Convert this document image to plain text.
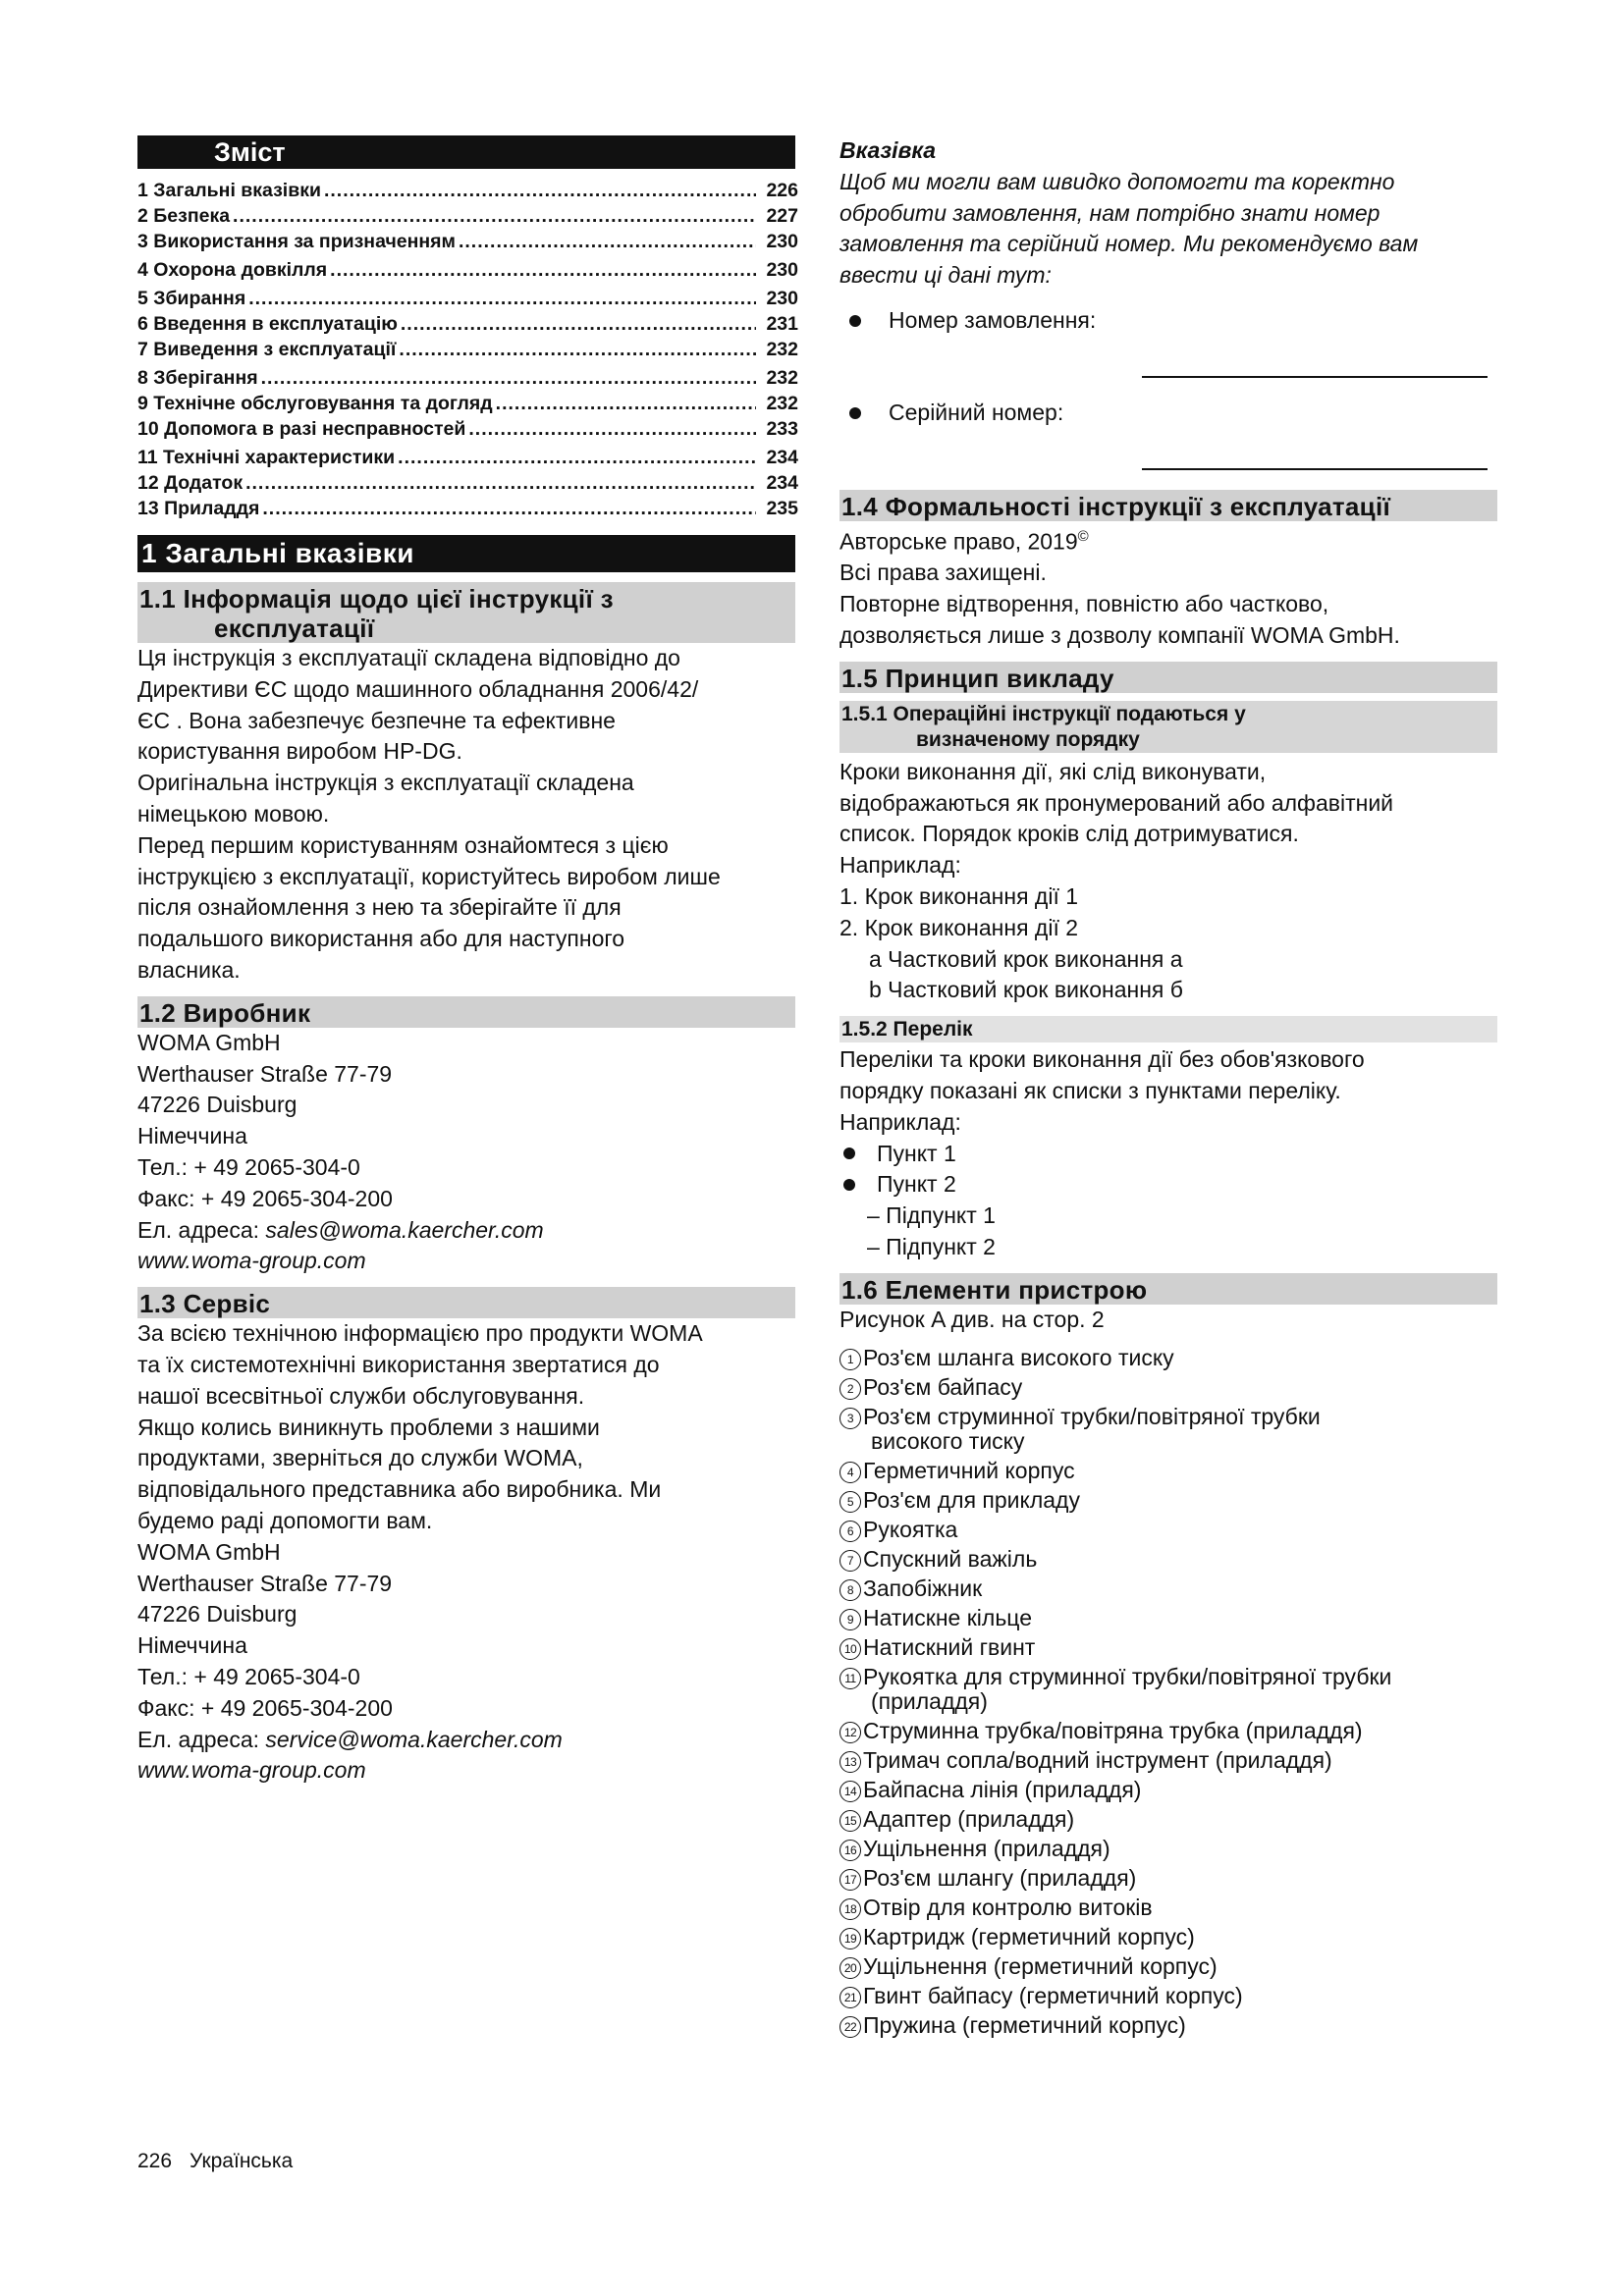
Зміст
1 Загальні вказівки .....	226
2 Безпека .....	227
3 Використання за призначенням .....	230
4 Охорона довкілля .....	230
5 Збирання .....	230
6 Введення в експлуатацію .....	231
7 Виведення з експлуатації .....	232
8 Зберігання .....	232
9 Технічне обслуговування та догляд .....	232
10 Допомога в разі несправностей .....	233
11 Технічні характеристики .....	234
12 Додаток .....	234
13 Приладдя .....	235
1 Загальні вказівки
1.1 Інформація щодо цієї інструкції з
експлуатації

Ця інструкція з експлуатації складена відповідно до

Директиви ЄС щодо машинного обладнання 2006/42/

ЄС . Вона забезпечує безпечне та ефективне

користування виробом HP-DG.

Оригінальна інструкція з експлуатації складена

німецькою мовою.

Перед першим користуванням ознайомтеся з цією

інструкцією з експлуатації, користуйтесь виробом лише

після ознайомлення з нею та зберігайте її для

подальшого використання або для наступного

власника.

1.2 Виробник

WOMA GmbH

Werthauser Straße 77-79

47226 Duisburg

Німеччина

Тел.: + 49 2065-304-0

Факс: + 49 2065-304-200

Ел. адреса: sales@woma.kaercher.com

www.woma-group.com

1.3 Сервіс

За всією технічною інформацією про продукти WOMA

та їх системотехнічні використання звертатися до

нашої всесвітньої служби обслуговування.

Якщо колись виникнуть проблеми з нашими

продуктами, зверніться до служби WOMA,

відповідального представника або виробника. Ми

будемо раді допомогти вам.

WOMA GmbH

Werthauser Straße 77-79

47226 Duisburg

Німеччина

Тел.: + 49 2065-304-0

Факс: + 49 2065-304-200

Ел. адреса: service@woma.kaercher.com

www.woma-group.com

Вказівка

Щоб ми могли вам швидко допомогти та коректно

обробити замовлення, нам потрібно знати номер

замовлення та серійний номер. Ми рекомендуємо вам

ввести ці дані тут:

Номер замовлення:
Серійний номер:
1.4 Формальності інструкції з експлуатації

Авторське право, 2019©

Всі права захищені.

Повторне відтворення, повністю або частково,

дозволяється лише з дозволу компанії WOMA GmbH.

1.5 Принцип викладу
1.5.1 Операційні інструкції подаються у
визначеному порядку

Кроки виконання дії, які слід виконувати,

відображаються як пронумерований або алфавітний

список. Порядок кроків слід дотримуватися.

Наприклад:

1. Крок виконання дії 1
2. Крок виконання дії 2
a Частковий крок виконання a
b Частковий крок виконання б
1.5.2 Перелік

Переліки та кроки виконання дії без обов'язкового

порядку показані як списки з пунктами переліку.

Наприклад:

Пункт 1
Пункт 2
– Підпункт 1
– Підпункт 2
1.6 Елементи пристрою

Рисунок A див. на стор. 2

1 Роз'єм шланга високого тиску
2 Роз'єм байпасу
3 Роз'єм струминної трубки/повітряної трубки
високого тиску
4 Герметичний корпус
5 Роз'єм для прикладу
6 Рукоятка
7 Спускний важіль
8 Запобіжник
9 Натискне кільце
10 Натискний гвинт
11 Рукоятка для струминної трубки/повітряної трубки
(приладдя)
12 Струминна трубка/повітряна трубка (приладдя)
13 Тримач сопла/водний інструмент (приладдя)
14 Байпасна лінія (приладдя)
15 Адаптер (приладдя)
16 Ущільнення (приладдя)
17 Роз'єм шлангу (приладдя)
18 Отвір для контролю витоків
19 Картридж (герметичний корпус)
20 Ущільнення (герметичний корпус)
21 Гвинт байпасу (герметичний корпус)
22 Пружина (герметичний корпус)
226 Українська
